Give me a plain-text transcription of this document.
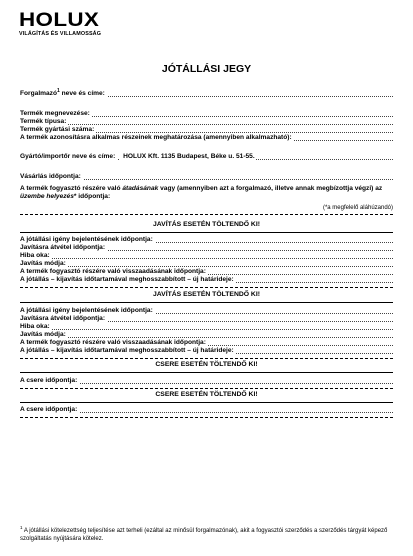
HOLUX
VILÁGÍTÁS ÉS VILLAMOSSÁG
JÓTÁLLÁSI JEGY
Forgalmazó$^1$ neve és címe:
Termék megnevezése:
Termék típusa:
Termék gyártási száma:
A termék azonosításra alkalmas részeinek meghatározása (amennyiben alkalmazható):
Gyártó/importőr neve és címe: HOLUX Kft. 1135 Budapest, Béke u. 51-55.
Vásárlás időpontja:
A termék fogyasztó részére való átadásának vagy (amennyiben azt a forgalmazó, illetve annak megbízottja végzi) az üzembe helyezés* időpontja:
(*a megfelelő aláhúzandó)
JAVÍTÁS ESETÉN TÖLTENDŐ KI!
A jótállási igény bejelentésének időpontja:
Javításra átvétel időpontja:
Hiba oka:
Javítás módja:
A termék fogyasztó részére való visszaadásának időpontja:
A jótállás – kijavítás időtartamával meghosszabbított – új határideje:
JAVÍTÁS ESETÉN TÖLTENDŐ KI!
A jótállási igény bejelentésének időpontja:
Javításra átvétel időpontja:
Hiba oka:
Javítás módja:
A termék fogyasztó részére való visszaadásának időpontja:
A jótállás – kijavítás időtartamával meghosszabbított – új határideje:
CSERE ESETÉN TÖLTENDŐ KI!
A csere időpontja:
CSERE ESETÉN TÖLTENDŐ KI!
A csere időpontja:
$^1$ A jótállási kötelezettség teljesítése azt terheli (ezáltal az minősül forgalmazónak), akit a fogyasztói szerződés a szerződés tárgyát képező szolgáltatás nyújtására kötelez.
